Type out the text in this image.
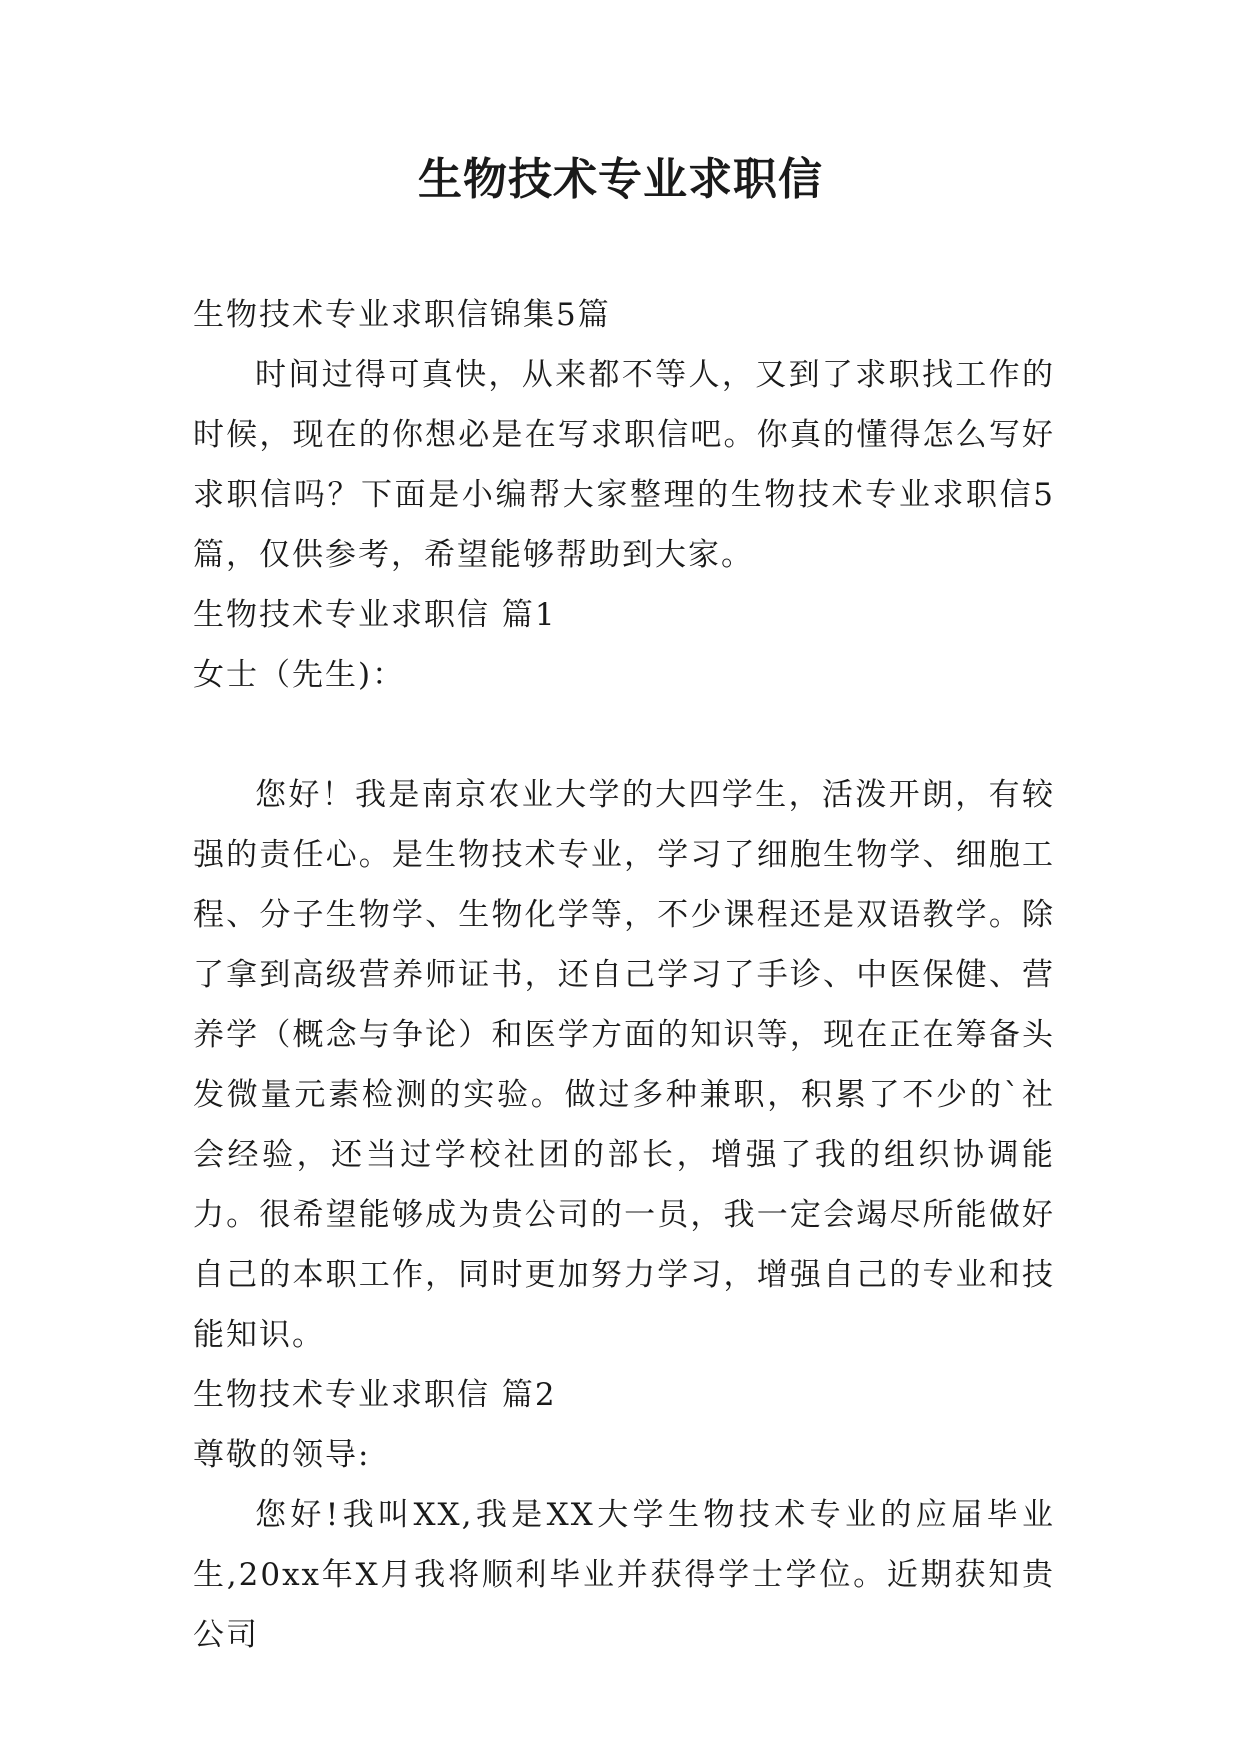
生物技术专业求职信

生物技术专业求职信锦集5篇

时间过得可真快，从来都不等人，又到了求职找工作的时候，现在的你想必是在写求职信吧。你真的懂得怎么写好求职信吗？下面是小编帮大家整理的生物技术专业求职信5篇，仅供参考，希望能够帮助到大家。

生物技术专业求职信 篇1

女士（先生)：

您好！我是南京农业大学的大四学生，活泼开朗，有较强的责任心。是生物技术专业，学习了细胞生物学、细胞工程、分子生物学、生物化学等，不少课程还是双语教学。除了拿到高级营养师证书，还自己学习了手诊、中医保健、营养学（概念与争论）和医学方面的知识等，现在正在筹备头发微量元素检测的实验。做过多种兼职，积累了不少的`社会经验，还当过学校社团的部长，增强了我的组织协调能力。很希望能够成为贵公司的一员，我一定会竭尽所能做好自己的本职工作，同时更加努力学习，增强自己的专业和技能知识。

生物技术专业求职信 篇2

尊敬的领导:

您好!我叫XX,我是XX大学生物技术专业的应届毕业生,20xx年X月我将顺利毕业并获得学士学位。近期获知贵公司
